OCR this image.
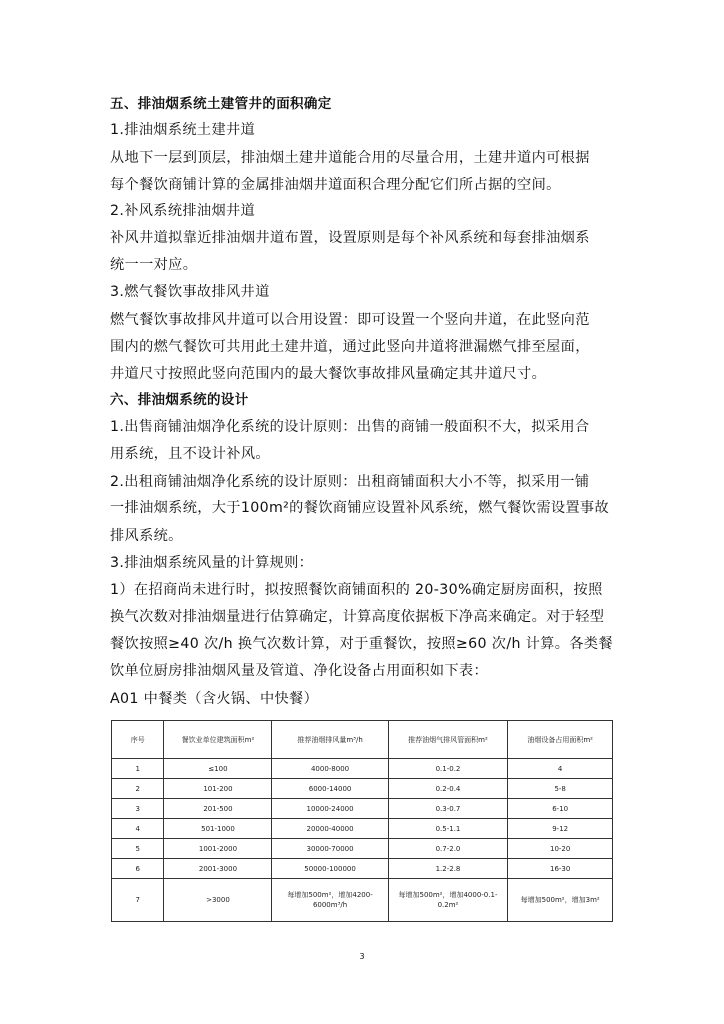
五、排油烟系统土建管井的面积确定
1.排油烟系统土建井道
从地下一层到顶层，排油烟土建井道能合用的尽量合用，土建井道内可根据
每个餐饮商铺计算的金属排油烟井道面积合理分配它们所占据的空间。
2.补风系统排油烟井道
补风井道拟靠近排油烟井道布置，设置原则是每个补风系统和每套排油烟系
统一一对应。
3.燃气餐饮事故排风井道
燃气餐饮事故排风井道可以合用设置：即可设置一个竖向井道，在此竖向范
围内的燃气餐饮可共用此土建井道，通过此竖向井道将泄漏燃气排至屋面，
井道尺寸按照此竖向范围内的最大餐饮事故排风量确定其井道尺寸。
六、排油烟系统的设计
1.出售商铺油烟净化系统的设计原则：出售的商铺一般面积不大，拟采用合
用系统，且不设计补风。
2.出租商铺油烟净化系统的设计原则：出租商铺面积大小不等，拟采用一铺
一排油烟系统，大于100m²的餐饮商铺应设置补风系统，燃气餐饮需设置事故
排风系统。
3.排油烟系统风量的计算规则：
1）在招商尚未进行时，拟按照餐饮商铺面积的 20-30%确定厨房面积，按照
换气次数对排油烟量进行估算确定，计算高度依据板下净高来确定。对于轻型
餐饮按照≥40 次/h 换气次数计算，对于重餐饮，按照≥60 次/h 计算。各类餐
饮单位厨房排油烟风量及管道、净化设备占用面积如下表：
A01 中餐类（含火锅、中快餐）
序号	餐饮业单位建筑面积m²	推荐油烟排风量m³/h	推荐油烟气排风管面积m²	油烟设备占用面积m²
1	≤100	4000-8000	0.1-0.2	4
2	101-200	6000-14000	0.2-0.4	5-8
3	201-500	10000-24000	0.3-0.7	6-10
4	501-1000	20000-40000	0.5-1.1	9-12
5	1001-2000	30000-70000	0.7-2.0	10-20
6	2001-3000	50000-100000	1.2-2.8	16-30
7	>3000	每增加500m²，增加4200-6000m³/h	每增加500m²，增加4000-0.1-0.2m²	每增加500m²，增加3m²
3
